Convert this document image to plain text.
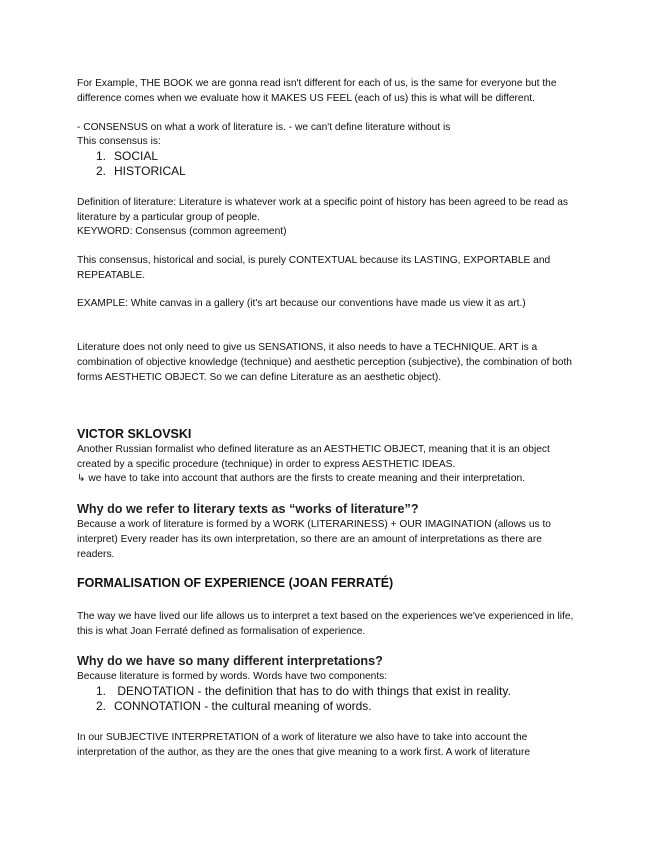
For Example, THE BOOK we are gonna read isn't different for each of us, is the same for everyone but the difference comes when we evaluate how it MAKES US FEEL (each of us) this is what will be different.

- CONSENSUS on what a work of literature is. - we can't define literature without is

This consensus is:

1. SOCIAL
2. HISTORICAL

Definition of literature: Literature is whatever work at a specific point of history has been agreed to be read as literature by a particular group of people.

KEYWORD: Consensus (common agreement)

This consensus, historical and social, is purely CONTEXTUAL because its LASTING, EXPORTABLE and REPEATABLE.

EXAMPLE: White canvas in a gallery (it's art because our conventions have made us view it as art.)

Literature does not only need to give us SENSATIONS, it also needs to have a TECHNIQUE. ART is a combination of objective knowledge (technique) and aesthetic perception (subjective), the combination of both forms AESTHETIC OBJECT. So we can define Literature as an aesthetic object).

VICTOR SKLOVSKI

Another Russian formalist who defined literature as an AESTHETIC OBJECT, meaning that it is an object created by a specific procedure (technique) in order to express AESTHETIC IDEAS.

↳ we have to take into account that authors are the firsts to create meaning and their interpretation.

Why do we refer to literary texts as “works of literature”?

Because a work of literature is formed by a WORK (LITERARINESS) + OUR IMAGINATION (allows us to interpret) Every reader has its own interpretation, so there are an amount of interpretations as there are readers.

FORMALISATION OF EXPERIENCE (JOAN FERRATÉ)

The way we have lived our life allows us to interpret a text based on the experiences we've experienced in life, this is what Joan Ferraté defined as formalisation of experience.

Why do we have so many different interpretations?

Because literature is formed by words. Words have two components:

1. DENOTATION - the definition that has to do with things that exist in reality.
2. CONNOTATION - the cultural meaning of words.

In our SUBJECTIVE INTERPRETATION of a work of literature we also have to take into account the interpretation of the author, as they are the ones that give meaning to a work first. A work of literature
